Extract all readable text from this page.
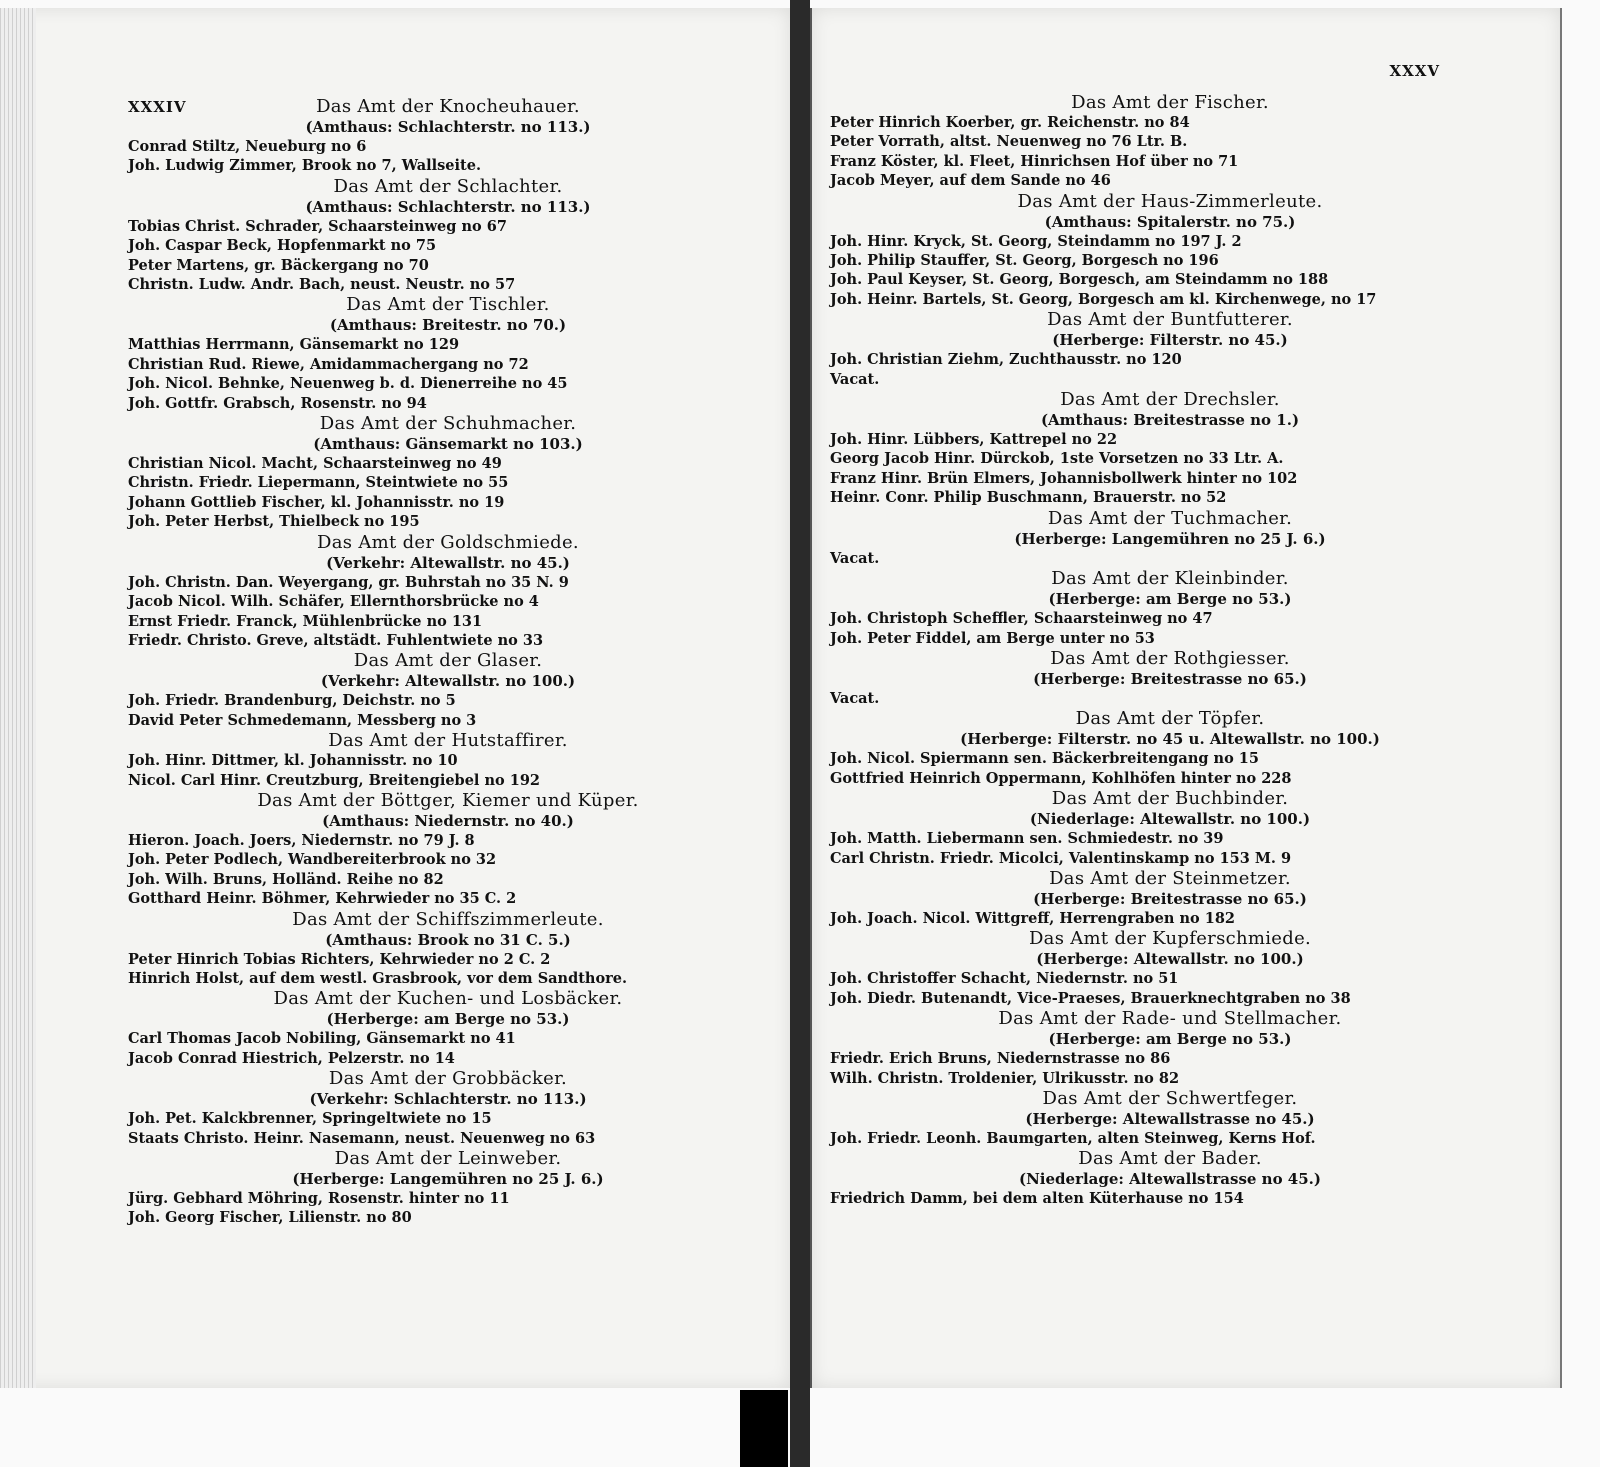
XXXIV	Das Amt der Knocheuhauer.
(Amthaus: Schlachterstr. no 113.)
Conrad Stiltz, Neueburg no 6
Joh. Ludwig Zimmer, Brook no 7, Wallseite.
Das Amt der Schlachter.
(Amthaus: Schlachterstr. no 113.)
Tobias Christ. Schrader, Schaarsteinweg no 67
Joh. Caspar Beck, Hopfenmarkt no 75
Peter Martens, gr. Bäckergang no 70
Christn. Ludw. Andr. Bach, neust. Neustr. no 57
Das Amt der Tischler.
(Amthaus: Breitestr. no 70.)
Matthias Herrmann, Gänsemarkt no 129
Christian Rud. Riewe, Amidammachergang no 72
Joh. Nicol. Behnke, Neuenweg b. d. Dienerreihe no 45
Joh. Gottfr. Grabsch, Rosenstr. no 94
Das Amt der Schuhmacher.
(Amthaus: Gänsemarkt no 103.)
Christian Nicol. Macht, Schaarsteinweg no 49
Christn. Friedr. Liepermann, Steintwiete no 55
Johann Gottlieb Fischer, kl. Johannisstr. no 19
Joh. Peter Herbst, Thielbeck no 195
Das Amt der Goldschmiede.
(Verkehr: Altewallstr. no 45.)
Joh. Christn. Dan. Weyergang, gr. Buhrstah no 35 N. 9
Jacob Nicol. Wilh. Schäfer, Ellernthorsbrücke no 4
Ernst Friedr. Franck, Mühlenbrücke no 131
Friedr. Christo. Greve, altstädt. Fuhlentwiete no 33
Das Amt der Glaser.
(Verkehr: Altewallstr. no 100.)
Joh. Friedr. Brandenburg, Deichstr. no 5
David Peter Schmedemann, Messberg no 3
Das Amt der Hutstaffirer.
Joh. Hinr. Dittmer, kl. Johannisstr. no 10
Nicol. Carl Hinr. Creutzburg, Breitengiebel no 192
Das Amt der Böttger, Kiemer und Küper.
(Amthaus: Niedernstr. no 40.)
Hieron. Joach. Joers, Niedernstr. no 79 J. 8
Joh. Peter Podlech, Wandbereiterbrook no 32
Joh. Wilh. Bruns, Holländ. Reihe no 82
Gotthard Heinr. Böhmer, Kehrwieder no 35 C. 2
Das Amt der Schiffszimmerleute.
(Amthaus: Brook no 31 C. 5.)
Peter Hinrich Tobias Richters, Kehrwieder no 2 C. 2
Hinrich Holst, auf dem westl. Grasbrook, vor dem Sandthore.
Das Amt der Kuchen- und Losbäcker.
(Herberge: am Berge no 53.)
Carl Thomas Jacob Nobiling, Gänsemarkt no 41
Jacob Conrad Hiestrich, Pelzerstr. no 14
Das Amt der Grobbäcker.
(Verkehr: Schlachterstr. no 113.)
Joh. Pet. Kalckbrenner, Springeltwiete no 15
Staats Christo. Heinr. Nasemann, neust. Neuenweg no 63
Das Amt der Leinweber.
(Herberge: Langemühren no 25 J. 6.)
Jürg. Gebhard Möhring, Rosenstr. hinter no 11
Joh. Georg Fischer, Lilienstr. no 80
XXXV
Das Amt der Fischer.
Peter Hinrich Koerber, gr. Reichenstr. no 84
Peter Vorrath, altst. Neuenweg no 76 Ltr. B.
Franz Köster, kl. Fleet, Hinrichsen Hof über no 71
Jacob Meyer, auf dem Sande no 46
Das Amt der Haus-Zimmerleute.
(Amthaus: Spitalerstr. no 75.)
Joh. Hinr. Kryck, St. Georg, Steindamm no 197 J. 2
Joh. Philip Stauffer, St. Georg, Borgesch no 196
Joh. Paul Keyser, St. Georg, Borgesch, am Steindamm no 188
Joh. Heinr. Bartels, St. Georg, Borgesch am kl. Kirchenwege, no 17
Das Amt der Buntfutterer.
(Herberge: Filterstr. no 45.)
Joh. Christian Ziehm, Zuchthausstr. no 120
Vacat.
Das Amt der Drechsler.
(Amthaus: Breitestrasse no 1.)
Joh. Hinr. Lübbers, Kattrepel no 22
Georg Jacob Hinr. Dürckob, 1ste Vorsetzen no 33 Ltr. A.
Franz Hinr. Brün Elmers, Johannisbollwerk hinter no 102
Heinr. Conr. Philip Buschmann, Brauerstr. no 52
Das Amt der Tuchmacher.
(Herberge: Langemühren no 25 J. 6.)
Vacat.
Das Amt der Kleinbinder.
(Herberge: am Berge no 53.)
Joh. Christoph Scheffler, Schaarsteinweg no 47
Joh. Peter Fiddel, am Berge unter no 53
Das Amt der Rothgiesser.
(Herberge: Breitestrasse no 65.)
Vacat.
Das Amt der Töpfer.
(Herberge: Filterstr. no 45 u. Altewallstr. no 100.)
Joh. Nicol. Spiermann sen. Bäckerbreitengang no 15
Gottfried Heinrich Oppermann, Kohlhöfen hinter no 228
Das Amt der Buchbinder.
(Niederlage: Altewallstr. no 100.)
Joh. Matth. Liebermann sen. Schmiedestr. no 39
Carl Christn. Friedr. Micolci, Valentinskamp no 153 M. 9
Das Amt der Steinmetzer.
(Herberge: Breitestrasse no 65.)
Joh. Joach. Nicol. Wittgreff, Herrengraben no 182
Das Amt der Kupferschmiede.
(Herberge: Altewallstr. no 100.)
Joh. Christoffer Schacht, Niedernstr. no 51
Joh. Diedr. Butenandt, Vice-Praeses, Brauerknechtgraben no 38
Das Amt der Rade- und Stellmacher.
(Herberge: am Berge no 53.)
Friedr. Erich Bruns, Niedernstrasse no 86
Wilh. Christn. Troldenier, Ulrikusstr. no 82
Das Amt der Schwertfeger.
(Herberge: Altewallstrasse no 45.)
Joh. Friedr. Leonh. Baumgarten, alten Steinweg, Kerns Hof.
Das Amt der Bader.
(Niederlage: Altewallstrasse no 45.)
Friedrich Damm, bei dem alten Küterhause no 154
